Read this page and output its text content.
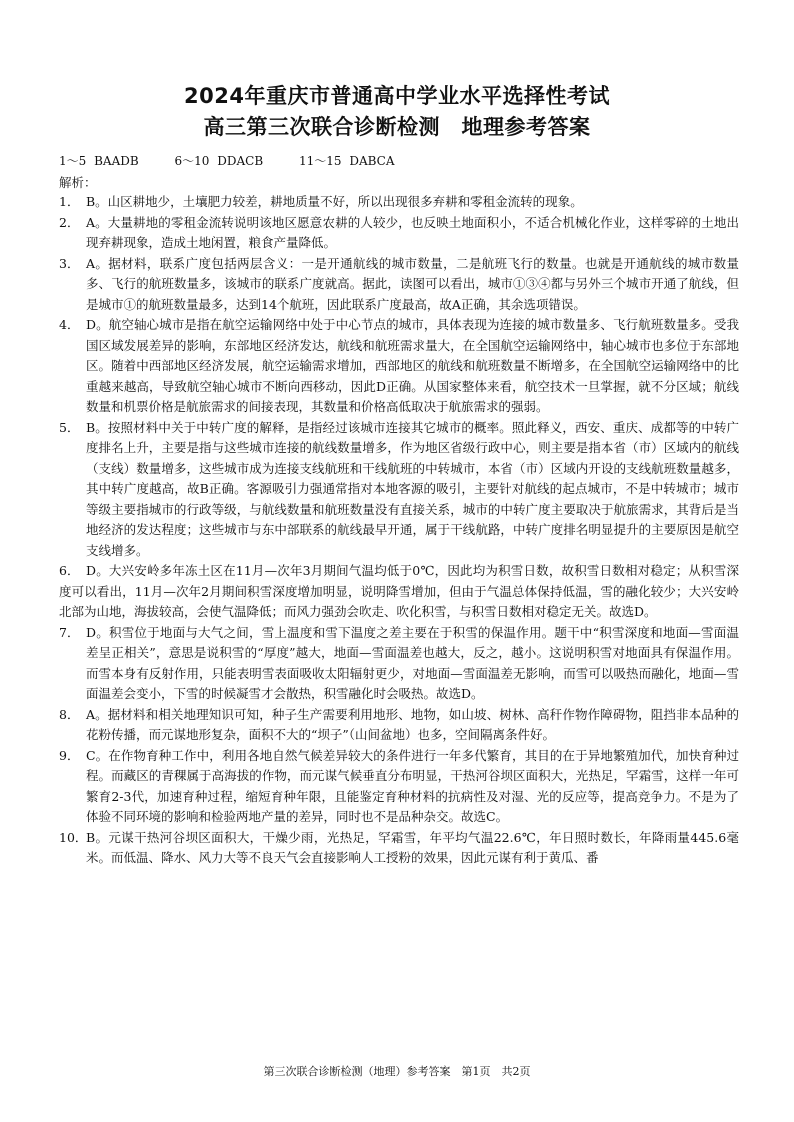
2024年重庆市普通高中学业水平选择性考试
高三第三次联合诊断检测　地理参考答案
1～5 BAADB	6～10 DDACB	11～15 DABCA
解析：
1． B。山区耕地少，土壤肥力较差，耕地质量不好，所以出现很多弃耕和零租金流转的现象。
2． A。大量耕地的零租金流转说明该地区愿意农耕的人较少，也反映土地面积小，不适合机械化作业，这样零碎的土地出现弃耕现象，造成土地闲置，粮食产量降低。
3． A。据材料，联系广度包括两层含义：一是开通航线的城市数量，二是航班飞行的数量。也就是开通航线的城市数量多、飞行的航班数量多，该城市的联系广度就高。据此，读图可以看出，城市①③④都与另外三个城市开通了航线，但是城市①的航班数量最多，达到14个航班，因此联系广度最高，故A正确，其余选项错误。
4． D。航空轴心城市是指在航空运输网络中处于中心节点的城市，具体表现为连接的城市数量多、飞行航班数量多。受我国区域发展差异的影响，东部地区经济发达，航线和航班需求量大，在全国航空运输网络中，轴心城市也多位于东部地区。随着中西部地区经济发展，航空运输需求增加，西部地区的航线和航班数量不断增多，在全国航空运输网络中的比重越来越高，导致航空轴心城市不断向西移动，因此D正确。从国家整体来看，航空技术一旦掌握，就不分区域；航线数量和机票价格是航旅需求的间接表现，其数量和价格高低取决于航旅需求的强弱。
5． B。按照材料中关于中转广度的解释，是指经过该城市连接其它城市的概率。照此释义，西安、重庆、成都等的中转广度排名上升，主要是指与这些城市连接的航线数量增多，作为地区省级行政中心，则主要是指本省（市）区域内的航线（支线）数量增多，这些城市成为连接支线航班和干线航班的中转城市，本省（市）区域内开设的支线航班数量越多，其中转广度越高，故B正确。客源吸引力强通常指对本地客源的吸引，主要针对航线的起点城市，不是中转城市；城市等级主要指城市的行政等级，与航线数量和航班数量没有直接关系，城市的中转广度主要取决于航旅需求，其背后是当地经济的发达程度；这些城市与东中部联系的航线最早开通，属于干线航路，中转广度排名明显提升的主要原因是航空支线增多。
6． D。大兴安岭多年冻土区在11月—次年3月期间气温均低于0℃，因此均为积雪日数，故积雪日数相对稳定；从积雪深度可以看出，11月—次年2月期间积雪深度增加明显，说明降雪增加，但由于气温总体保持低温，雪的融化较少；大兴安岭北部为山地，海拔较高，会使气温降低；而风力强劲会吹走、吹化积雪，与积雪日数相对稳定无关。故选D。
7． D。积雪位于地面与大气之间，雪上温度和雪下温度之差主要在于积雪的保温作用。题干中“积雪深度和地面—雪面温差呈正相关”，意思是说积雪的“厚度”越大，地面—雪面温差也越大，反之，越小。这说明积雪对地面具有保温作用。而雪本身有反射作用，只能表明雪表面吸收太阳辐射更少，对地面—雪面温差无影响，而雪可以吸热而融化，地面—雪面温差会变小，下雪的时候凝雪才会散热，积雪融化时会吸热。故选D。
8． A。据材料和相关地理知识可知，种子生产需要利用地形、地物，如山坡、树林、高秆作物作障碍物，阻挡非本品种的花粉传播，而元谋地形复杂，面积不大的“坝子”（山间盆地）也多，空间隔离条件好。
9． C。在作物育种工作中，利用各地自然气候差异较大的条件进行一年多代繁育，其目的在于异地繁殖加代，加快育种过程。而藏区的青稞属于高海拔的作物，而元谋气候垂直分布明显，干热河谷坝区面积大，光热足，罕霜雪，这样一年可繁育2-3代，加速育种过程，缩短育种年限，且能鉴定育种材料的抗病性及对湿、光的反应等，提高竞争力。不是为了体验不同环境的影响和检验两地产量的差异，同时也不是品种杂交。故选C。
10．
B。元谋干热河谷坝区面积大，干燥少雨，光热足，罕霜雪，年平均气温22.6℃，年日照时数长，年降雨量445.6毫米。而低温、降水、风力大等不良天气会直接影响人工授粉的效果，因此元谋有利于黄瓜、番
第三次联合诊断检测（地理）参考答案　第1页　共2页
